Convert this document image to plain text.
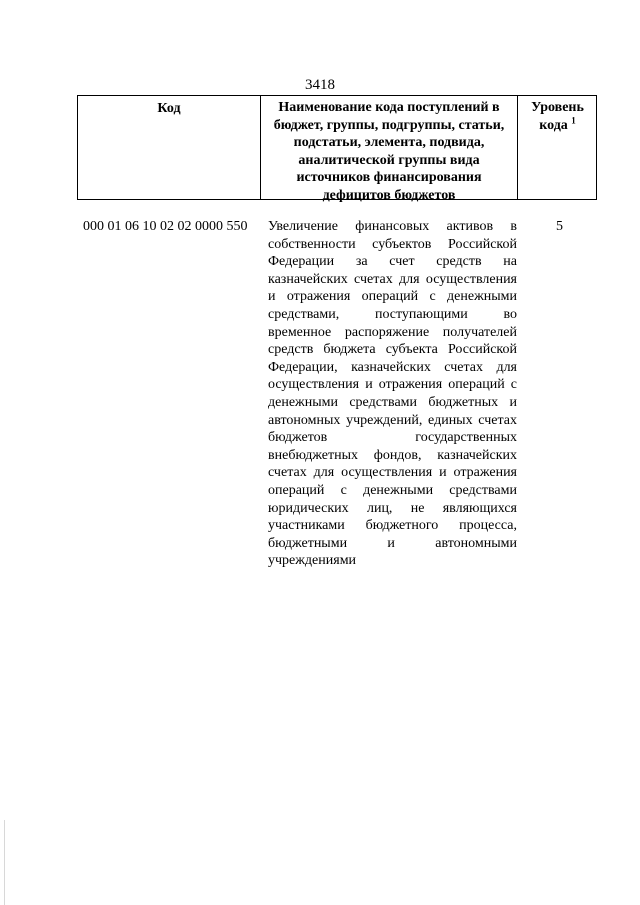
3418
Код	Наименование кода поступлений в бюджет, группы, подгруппы, статьи, подстатьи, элемента, подвида, аналитической группы вида источников финансирования дефицитов бюджетов
Уровень кода $^1$
000 01 06 10 02 02 0000 550 Увеличение финансовых активов в собственности субъектов Российской Федерации за счет средств на казначейских счетах для осуществления и отражения операций с денежными средствами, поступающими во временное распоряжение получателей средств бюджета субъекта Российской Федерации, казначейских счетах для осуществления и отражения операций с денежными средствами бюджетных и автономных учреждений, единых счетах бюджетов государственных внебюджетных фондов, казначейских счетах для осуществления и отражения операций с денежными средствами юридических лиц, не являющихся участниками бюджетного процесса, бюджетными и автономными учреждениями
5
